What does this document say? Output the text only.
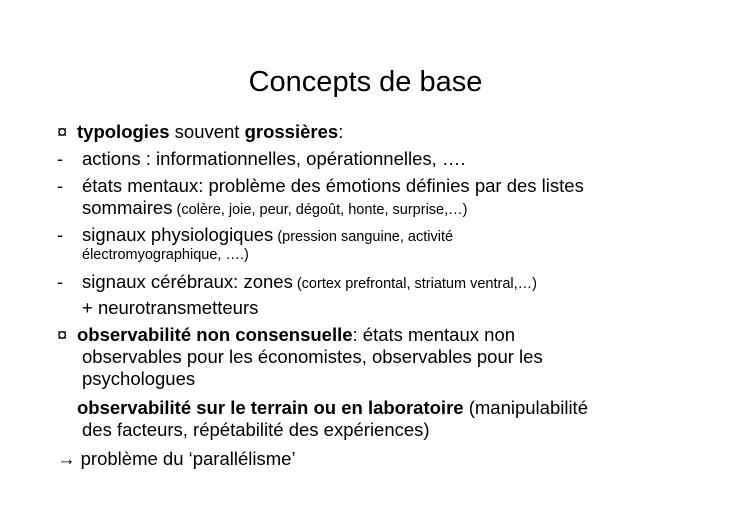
Concepts de base
¤ typologies souvent grossières:
- actions : informationnelles, opérationnelles, ….
- états mentaux: problème des émotions définies par des listes
sommaires (colère, joie, peur, dégoût, honte, surprise,…)
- signaux physiologiques (pression sanguine, activité
électromyographique, ….)
- signaux cérébraux: zones (cortex prefrontal, striatum ventral,…)
+ neurotransmetteurs
¤ observabilité non consensuelle: états mentaux non
observables pour les économistes, observables pour les
psychologues
observabilité sur le terrain ou en laboratoire (manipulabilité
des facteurs, répétabilité des expériences)
→ problème du ‘parallélisme’
